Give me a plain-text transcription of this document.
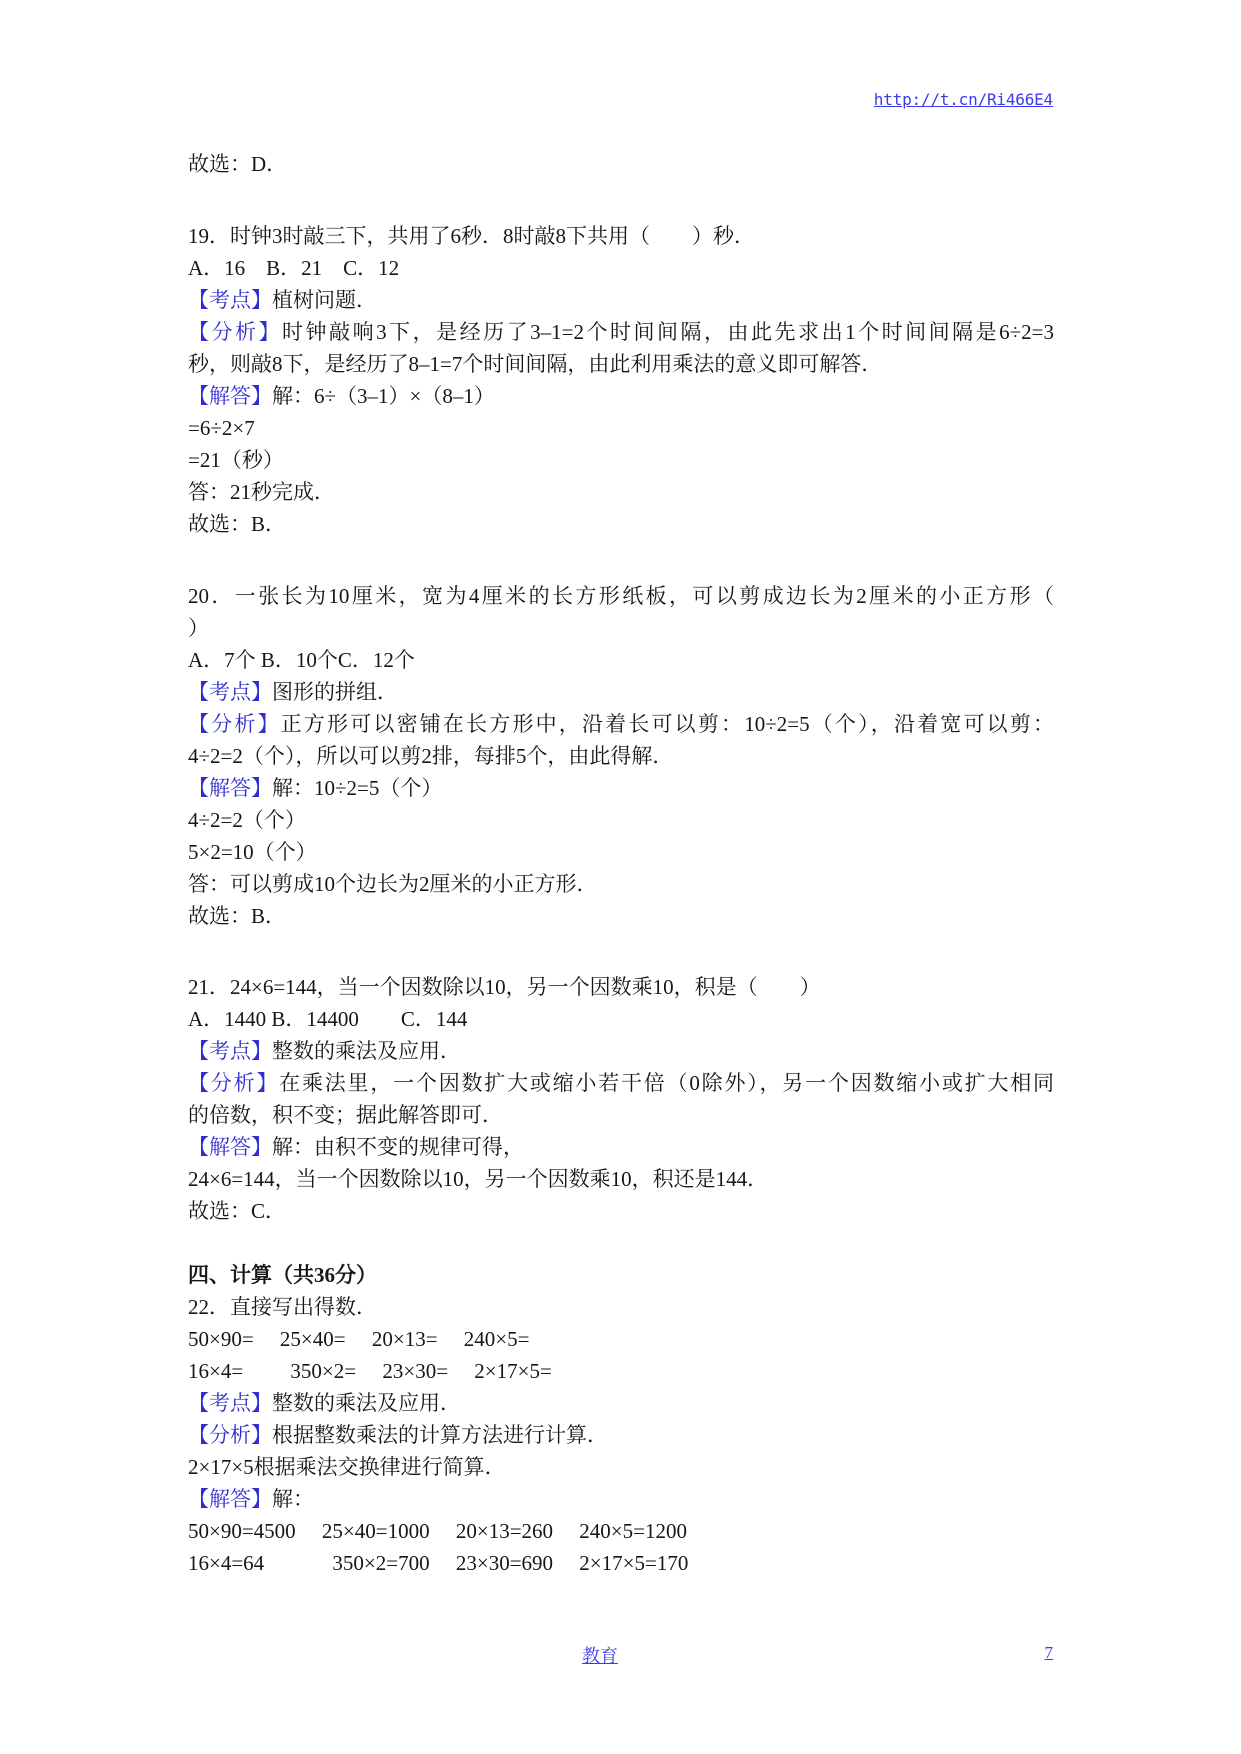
http://t.cn/Ri466E4
故选：D．
19．时钟3时敲三下，共用了6秒．8时敲8下共用（　　）秒．
A．16　B．21　C．12
【考点】植树问题．
【分析】时钟敲响3下，是经历了3–1=2个时间间隔，由此先求出1个时间间隔是6÷2=3
秒，则敲8下，是经历了8–1=7个时间间隔，由此利用乘法的意义即可解答．
【解答】解：6÷（3–1）×（8–1）
=6÷2×7
=21（秒）
答：21秒完成．
故选：B．
20．一张长为10厘米，宽为4厘米的长方形纸板，可以剪成边长为2厘米的小正方形（
）
A．7个 B．10个C．12个
【考点】图形的拼组．
【分析】正方形可以密铺在长方形中，沿着长可以剪：10÷2=5（个），沿着宽可以剪：
4÷2=2（个），所以可以剪2排，每排5个，由此得解．
【解答】解：10÷2=5（个）
4÷2=2（个）
5×2=10（个）
答：可以剪成10个边长为2厘米的小正方形．
故选：B．
21．24×6=144，当一个因数除以10，另一个因数乘10，积是（　　）
A．1440 B．14400　　C．144
【考点】整数的乘法及应用．
【分析】在乘法里，一个因数扩大或缩小若干倍（0除外），另一个因数缩小或扩大相同
的倍数，积不变；据此解答即可．
【解答】解：由积不变的规律可得，
24×6=144，当一个因数除以10，另一个因数乘10，积还是144．
故选：C．
四、计算（共36分）
22．直接写出得数．
50×90=　 25×40=　 20×13=　 240×5=
16×4=　　 350×2=　 23×30=　 2×17×5=
【考点】整数的乘法及应用．
【分析】根据整数乘法的计算方法进行计算．
2×17×5根据乘法交换律进行简算．
【解答】解：
50×90=4500　 25×40=1000　 20×13=260　 240×5=1200
16×4=64　　　 350×2=700　 23×30=690　 2×17×5=170
教育	7
